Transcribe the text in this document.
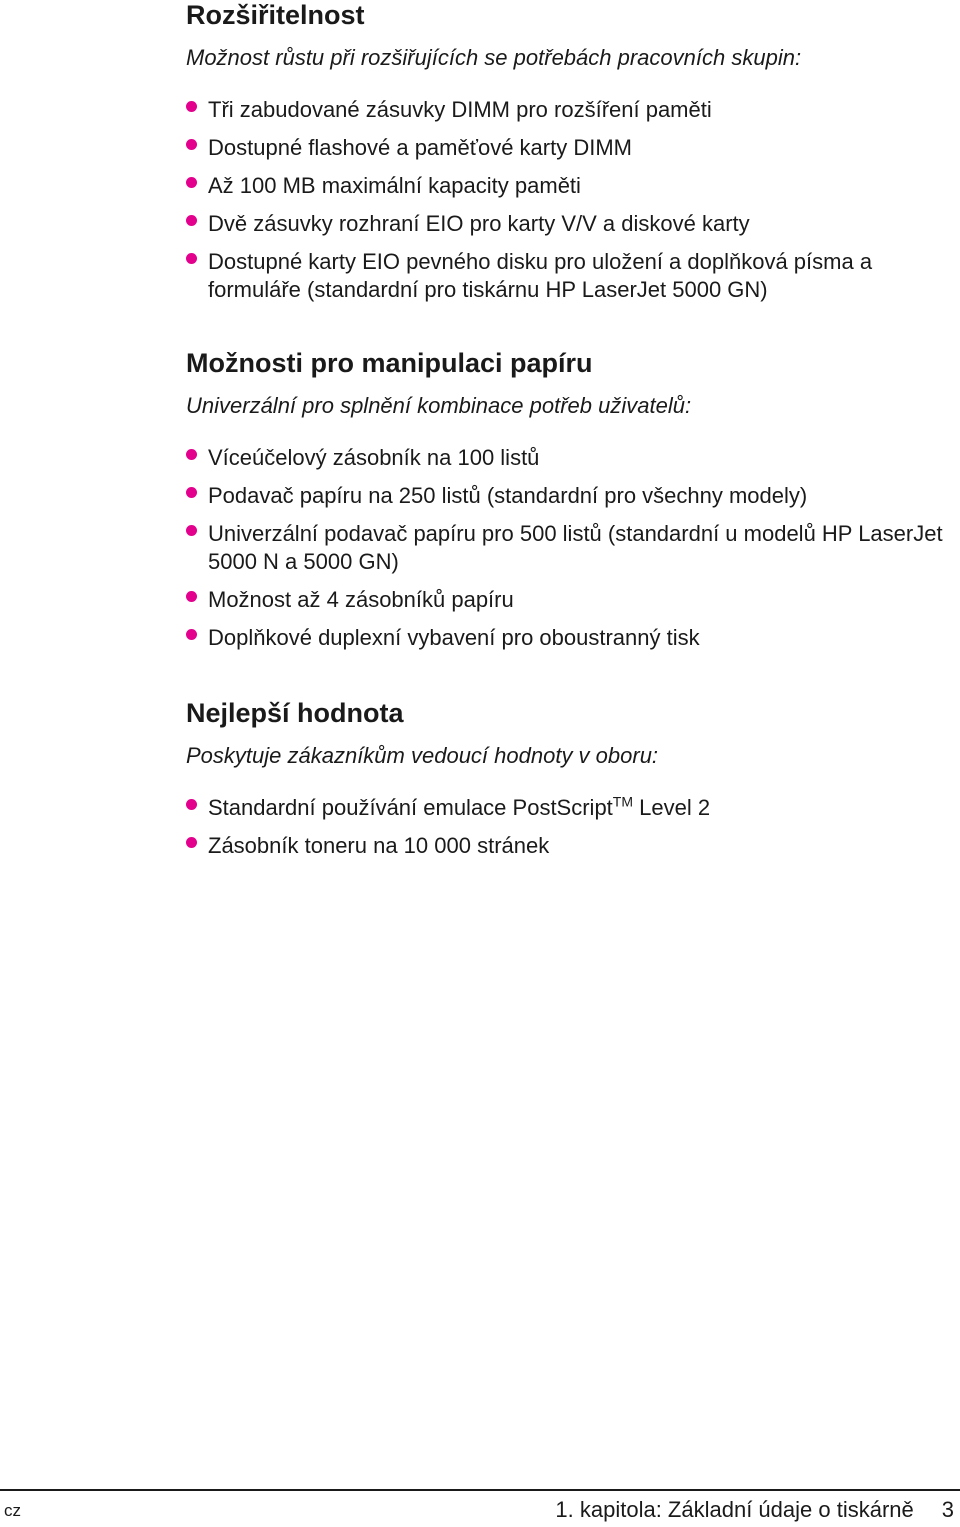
Rozšiřitelnost

Možnost růstu při rozšiřujících se potřebách pracovních skupin:

Tři zabudované zásuvky DIMM pro rozšíření paměti
Dostupné flashové a paměťové karty DIMM
Až 100 MB maximální kapacity paměti
Dvě zásuvky rozhraní EIO pro karty V/V a diskové karty
Dostupné karty EIO pevného disku pro uložení a doplňková písma a formuláře (standardní pro tiskárnu HP LaserJet 5000 GN)
Možnosti pro manipulaci papíru

Univerzální pro splnění kombinace potřeb uživatelů:

Víceúčelový zásobník na 100 listů
Podavač papíru na 250 listů (standardní pro všechny modely)
Univerzální podavač papíru pro 500 listů (standardní u modelů HP LaserJet 5000 N a 5000 GN)
Možnost až 4 zásobníků papíru
Doplňkové duplexní vybavení pro oboustranný tisk
Nejlepší hodnota

Poskytuje zákazníkům vedoucí hodnoty v oboru:

Standardní používání emulace PostScript™ Level 2
Zásobník toneru na 10 000 stránek
cz	1. kapitola: Základní údaje o tiskárně 3
